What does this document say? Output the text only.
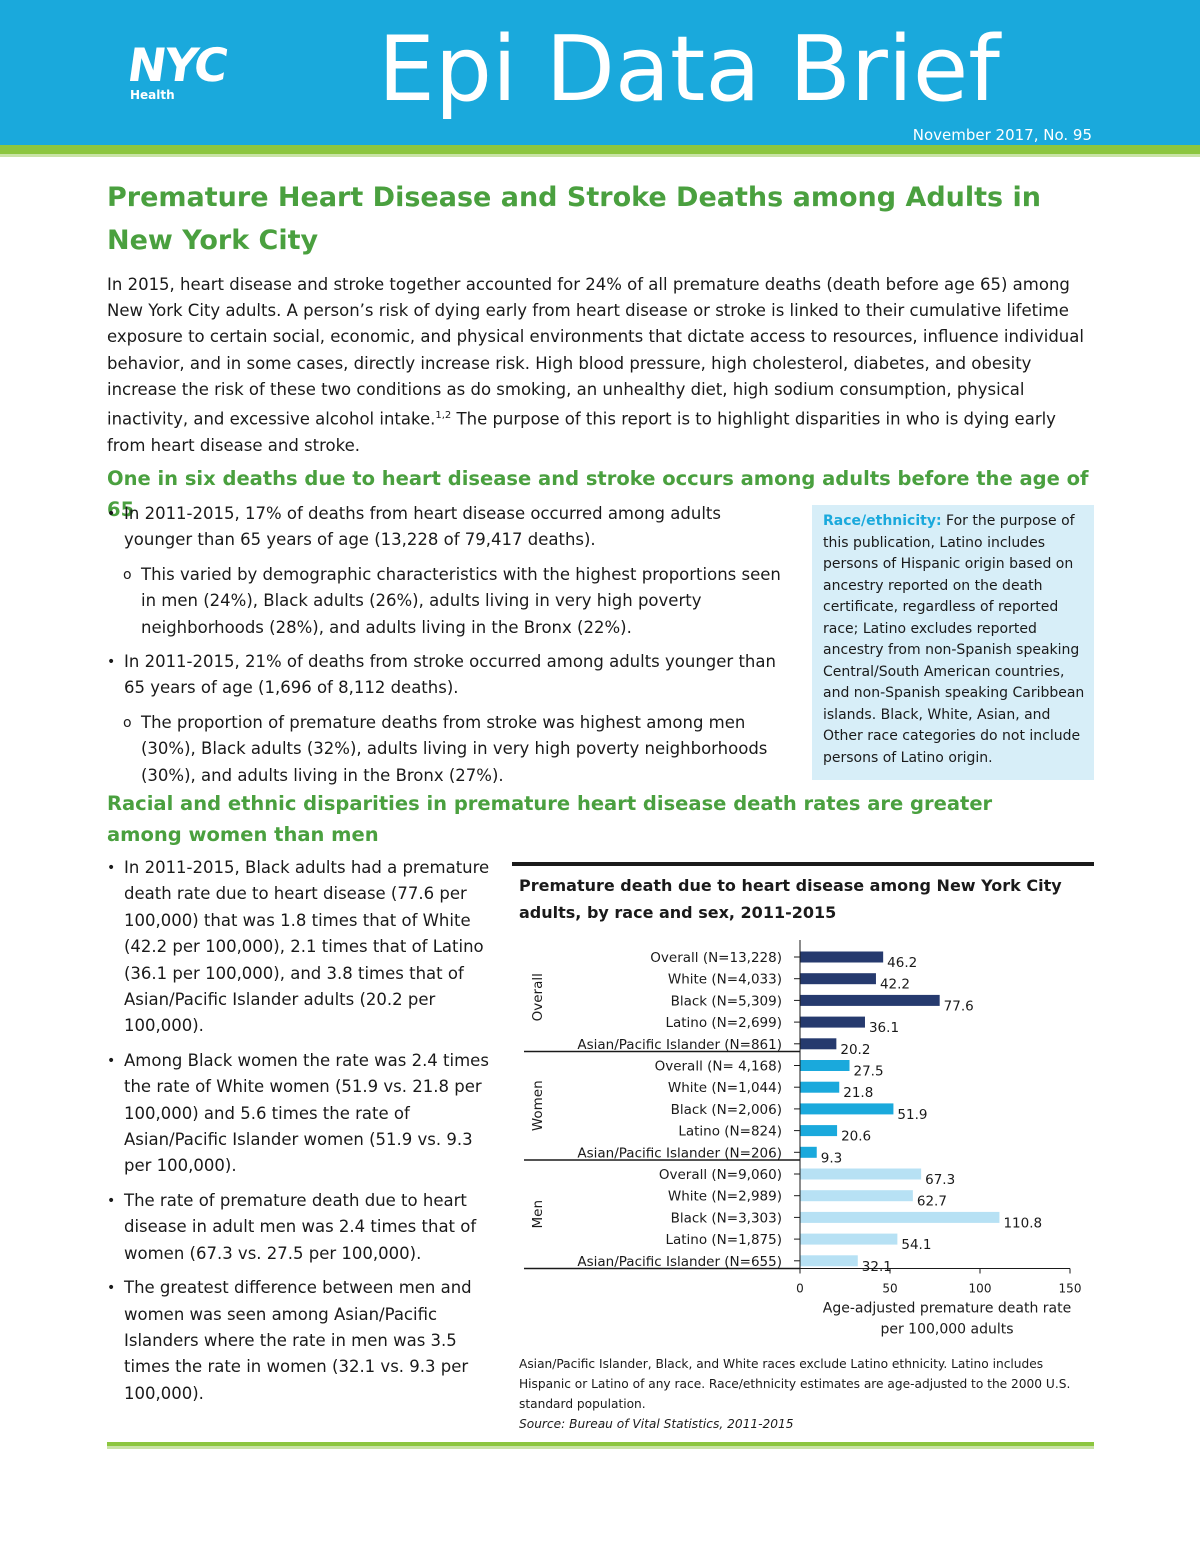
NYC
Health Epi Data Brief
November 2017, No. 95
Premature Heart Disease and Stroke Deaths among Adults in New York City

In 2015, heart disease and stroke together accounted for 24% of all premature deaths (death before age 65) among New York City adults. A person’s risk of dying early from heart disease or stroke is linked to their cumulative lifetime exposure to certain social, economic, and physical environments that dictate access to resources, influence individual behavior, and in some cases, directly increase risk. High blood pressure, high cholesterol, diabetes, and obesity increase the risk of these two conditions as do smoking, an unhealthy diet, high sodium consumption, physical inactivity, and excessive alcohol intake.$^{1,2}$ The purpose of this report is to highlight disparities in who is dying early from heart disease and stroke.

One in six deaths due to heart disease and stroke occurs among adults before the age of 65
• In 2011-2015, 17% of deaths from heart disease occurred among adults younger than 65 years of age (13,228 of 79,417 deaths).
o This varied by demographic characteristics with the highest proportions seen in men (24%), Black adults (26%), adults living in very high poverty neighborhoods (28%), and adults living in the Bronx (22%).
• In 2011-2015, 21% of deaths from stroke occurred among adults younger than 65 years of age (1,696 of 8,112 deaths).
o The proportion of premature deaths from stroke was highest among men (30%), Black adults (32%), adults living in very high poverty neighborhoods (30%), and adults living in the Bronx (27%).
Race/ethnicity: For the purpose of this publication, Latino includes persons of Hispanic origin based on ancestry reported on the death certificate, regardless of reported race; Latino excludes reported ancestry from non-Spanish speaking Central/South American countries, and non-Spanish speaking Caribbean islands. Black, White, Asian, and Other race categories do not include persons of Latino origin.
Racial and ethnic disparities in premature heart disease death rates are greater among women than men
• In 2011-2015, Black adults had a premature death rate due to heart disease (77.6 per 100,000) that was 1.8 times that of White (42.2 per 100,000), 2.1 times that of Latino (36.1 per 100,000), and 3.8 times that of Asian/Pacific Islander adults (20.2 per 100,000).
• Among Black women the rate was 2.4 times the rate of White women (51.9 vs. 21.8 per 100,000) and 5.6 times the rate of Asian/Pacific Islander women (51.9 vs. 9.3 per 100,000).
• The rate of premature death due to heart disease in adult men was 2.4 times that of women (67.3 vs. 27.5 per 100,000).
• The greatest difference between men and women was seen among Asian/Pacific Islanders where the rate in men was 3.5 times the rate in women (32.1 vs. 9.3 per 100,000).
Premature death due to heart disease among New York City adults, by race and sex, 2011-2015
Overall (N=13,228)	46.2
White (N=4,033)	42.2
Black (N=5,309)	77.6
Latino (N=2,699)	36.1
Asian/Pacific Islander (N=861)	20.2
Overall (N= 4,168)	27.5
White (N=1,044)	21.8
Black (N=2,006)	51.9
Latino (N=824)	20.6
Asian/Pacific Islander (N=206)	9.3
Overall (N=9,060)	67.3
White (N=2,989)	62.7
Black (N=3,303)	110.8
Latino (N=1,875)	54.1
Asian/Pacific Islander (N=655)	32.1
Overall
Women
Men
0	50	100	150
Age-adjusted premature death rate per 100,000 adults

Asian/Pacific Islander, Black, and White races exclude Latino ethnicity. Latino includes Hispanic or Latino of any race. Race/ethnicity estimates are age-adjusted to the 2000 U.S. standard population.
Source: Bureau of Vital Statistics, 2011-2015
